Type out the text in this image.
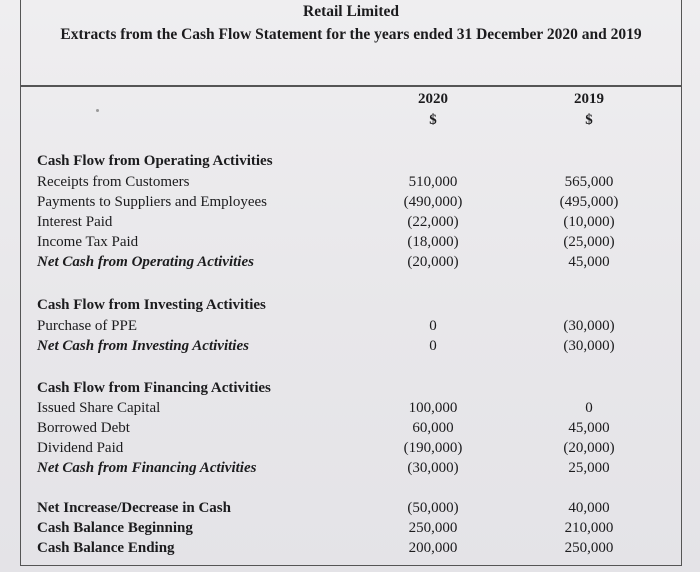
Retail Limited
Extracts from the Cash Flow Statement for the years ended 31 December 2020 and 2019
2020	2019
$	$
Cash Flow from Operating Activities
Receipts from Customers	510,000	565,000
Payments to Suppliers and Employees	(490,000)	(495,000)
Interest Paid	(22,000)	(10,000)
Income Tax Paid	(18,000)	(25,000)
Net Cash from Operating Activities	(20,000)	45,000
Cash Flow from Investing Activities
Purchase of PPE	0	(30,000)
Net Cash from Investing Activities	0	(30,000)
Cash Flow from Financing Activities
Issued Share Capital	100,000	0
Borrowed Debt	60,000	45,000
Dividend Paid	(190,000)	(20,000)
Net Cash from Financing Activities	(30,000)	25,000
Net Increase/Decrease in Cash	(50,000)	40,000
Cash Balance Beginning	250,000	210,000
Cash Balance Ending	200,000	250,000
